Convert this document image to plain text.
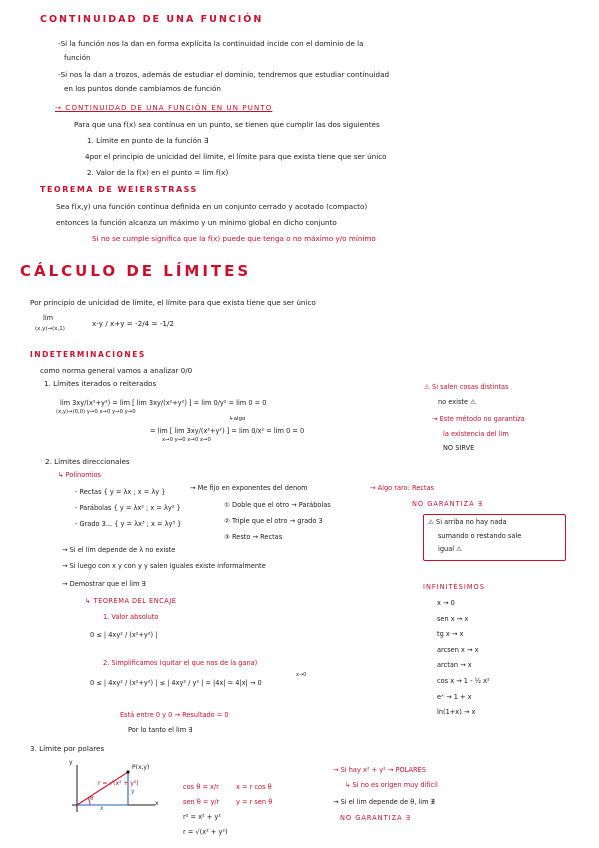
CONTINUIDAD DE UNA FUNCIÓN
-Si la función nos la dan en forma explícita la continuidad incide con el dominio de la
función
-Si nos la dan a trozos, además de estudiar el dominio, tendremos que estudiar continuidad
en los puntos donde cambiamos de función
→ CONTINUIDAD DE UNA FUNCIÓN EN UN PUNTO
Para que una f(x) sea contínua en un punto, se tienen que cumplir las dos siguientes
1. Límite en punto de la función ∃
4por el principio de unicidad del límite, el límite para que exista tiene que ser único
2. Valor de la f(x) en el punto = lim f(x)
TEOREMA DE WEIERSTRASS
Sea f(x,y) una función contínua definida en un conjunto cerrado y acotado (compacto)
entonces la función alcanza un máximo y un mínimo global en dicho conjunto
Si no se cumple significa que la f(x) puede que tenga o no máximo y/o mínimo
CÁLCULO DE LÍMITES
Por principio de unicidad de límite, el límite para que exista tiene que ser único
lim
(x,y)→(x,1)
x-y / x+y = -2/4 = -1/2
INDETERMINACIONES
como norma general vamos a analizar 0/0
1. Límites iterados o reiterados
lim 3xy/(x²+y²) = lim [ lim 3xy/(x²+y²) ] = lim 0/y² = lim 0 = 0
(x,y)→(0,0) y→0 x→0 y→0 y→0
↳algo
= lim [ lim 3xy/(x²+y²) ] = lim 0/x² = lim 0 = 0
x→0 y→0 x→0 x→0
⚠ Si salen cosas distintas
no existe ⚠
→ Este método no garantiza
la existencia del lim
NO SIRVE
2. Límites direccionales
↳ Polinomios
- Rectas { y = λx ; x = λy }
- Parábolas { y = λx² ; x = λy² }
- Grado 3... { y = λx³ ; x = λy³ }
→ Me fijo en exponentes del denom
① Doble que el otro → Parábolas
② Triple que el otro → grado 3
③ Resto → Rectas
→ Algo raro: Rectas
NO GARANTIZA ∃
⚠ Si arriba no hay nada
sumando o restando sale
igual ⚠
→ Si el lim depende de λ no existe
→ Si luego con x y con y y salen iguales existe informalmente
→ Demostrar que el lim ∃
↳ TEOREMA DEL ENCAJE
1. Valor absoluto
0 ≤ | 4xy² / (x²+y²) |
2. Simplificamos (quitar el que nos de la gana)
0 ≤ | 4xy² / (x²+y²) | ≤ | 4xy² / y² | = |4x| = 4|x| → 0
x→0
Está entre 0 y 0 → Resultado = 0
Por lo tanto el lim ∃
INFINITÉSIMOS
x → 0
sen x → x
tg x → x
arcsen x → x
arctan → x
cos x → 1 - ½ x²
eˣ → 1 + x
ln(1+x) → x
3. Límite por polares
P(x,y)
r = √(x² + y²)
y
x
y
x
θ
cos θ = x/r
sen θ = y/r
x = r cos θ
y = r sen θ
r² = x² + y²
r = √(x² + y²)
→ Si hay x² + y² → POLARES
↳ Si no es origen muy difícil
→ Si el lim depende de θ, lim ∄
NO GARANTIZA ∃
